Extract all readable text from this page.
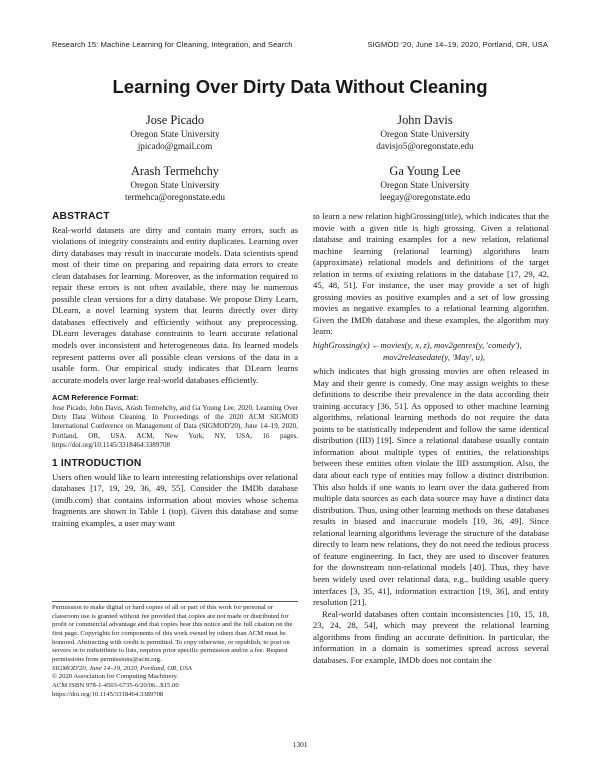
Research 15: Machine Learning for Cleaning, Integration, and Search	SIGMOD '20, June 14–19, 2020, Portland, OR, USA
Learning Over Dirty Data Without Cleaning
Jose Picado
Oregon State University
jpicado@gmail.com
John Davis
Oregon State University
davisjo5@oregonstate.edu
Arash Termehchy
Oregon State University
termehca@oregonstate.edu
Ga Young Lee
Oregon State University
leegay@oregonstate.edu
ABSTRACT

Real-world datasets are dirty and contain many errors, such as violations of integrity constraints and entity duplicates. Learning over dirty databases may result in inaccurate models. Data scientists spend most of their time on preparing and repairing data errors to create clean databases for learning. Moreover, as the information required to repair these errors is not often available, there may be numerous possible clean versions for a dirty database. We propose Dirty Learn, DLearn, a novel learning system that learns directly over dirty databases effectively and efficiently without any preprocessing. DLearn leverages database constraints to learn accurate relational models over inconsistent and heterogeneous data. Its learned models represent patterns over all possible clean versions of the data in a usable form. Our empirical study indicates that DLearn learns accurate models over large real-world databases efficiently.

ACM Reference Format:

Jose Picado, John Davis, Arash Termehchy, and Ga Young Lee. 2020. Learning Over Dirty Data Without Cleaning. In Proceedings of the 2020 ACM SIGMOD International Conference on Management of Data (SIGMOD'20), June 14–19, 2020, Portland, OR, USA. ACM, New York, NY, USA, 16 pages. https://doi.org/10.1145/3318464.3389708

1 INTRODUCTION

Users often would like to learn interesting relationships over relational databases [17, 19, 29, 36, 49, 55]. Consider the IMDb database (imdb.com) that contains information about movies whose schema fragments are shown in Table 1 (top). Given this database and some training examples, a user may want

Permission to make digital or hard copies of all or part of this work for personal or classroom use is granted without fee provided that copies are not made or distributed for profit or commercial advantage and that copies bear this notice and the full citation on the first page. Copyrights for components of this work owned by others than ACM must be honored. Abstracting with credit is permitted. To copy otherwise, or republish, to post on servers or to redistribute to lists, requires prior specific permission and/or a fee. Request permissions from permissions@acm.org.
SIGMOD'20, June 14–19, 2020, Portland, OR, USA
© 2020 Association for Computing Machinery.
ACM ISBN 978-1-4503-6735-6/20/06...$15.00
https://doi.org/10.1145/3318464.3389708

to learn a new relation highGrossing(title), which indicates that the movie with a given title is high grossing. Given a relational database and training examples for a new relation, relational machine learning (relational learning) algorithms learn (approximate) relational models and definitions of the target relation in terms of existing relations in the database [17, 29, 42, 45, 48, 51]. For instance, the user may provide a set of high grossing movies as positive examples and a set of low grossing movies as negative examples to a relational learning algorithm. Given the IMDb database and these examples, the algorithm may learn:

highGrossing(x) ←movies(y, x, z), mov2genres(y, 'comedy'),
mov2releasedate(y, 'May', u),

which indicates that high grossing movies are often released in May and their genre is comedy. One may assign weights to these definitions to describe their prevalence in the data according their training accuracy [36, 51]. As opposed to other machine learning algorithms, relational learning methods do not require the data points to be statistically independent and follow the same identical distribution (IID) [19]. Since a relational database usually contain information about multiple types of entities, the relationships between these entities often violate the IID assumption. Also, the data about each type of entities may follow a distinct distribution. This also holds if one wants to learn over the data gathered from multiple data sources as each data source may have a distinct data distribution. Thus, using other learning methods on these databases results in biased and inaccurate models [19, 36, 49]. Since relational learning algorithms leverage the structure of the database directly to learn new relations, they do not need the tedious process of feature engineering. In fact, they are used to discover features for the downstream non-relational models [40]. Thus, they have been widely used over relational data, e.g., building usable query interfaces [3, 35, 41], information extraction [19, 36], and entity resolution [21].

Real-world databases often contain inconsistencies [10, 15, 18, 23, 24, 28, 54], which may prevent the relational learning algorithms from finding an accurate definition. In particular, the information in a domain is sometimes spread across several databases. For example, IMDb does not contain the

1301
